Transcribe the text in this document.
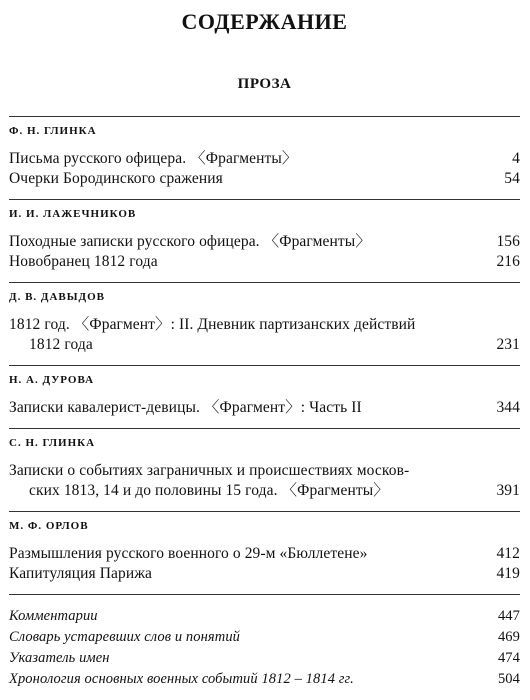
СОДЕРЖАНИЕ
ПРОЗА
Ф. Н. ГЛИНКА
Письма русского офицера. 〈Фрагменты〉	4
Очерки Бородинского сражения	54
И. И. ЛАЖЕЧНИКОВ
Походные записки русского офицера. 〈Фрагменты〉	156
Новобранец 1812 года	216
Д. В. ДАВЫДОВ
1812 год. 〈Фрагмент〉: II. Дневник партизанских действий
1812 года	231
Н. А. ДУРОВА
Записки кавалерист-девицы. 〈Фрагмент〉: Часть II	344
С. Н. ГЛИНКА
Записки о событиях заграничных и происшествиях москов-
ских 1813, 14 и до половины 15 года. 〈Фрагменты〉	391
М. Ф. ОРЛОВ
Размышления русского военного о 29-м «Бюллетене»	412
Капитуляция Парижа	419
Комментарии	447
Словарь устаревших слов и понятий	469
Указатель имен	474
Хронология основных военных событий 1812 – 1814 гг.	504
